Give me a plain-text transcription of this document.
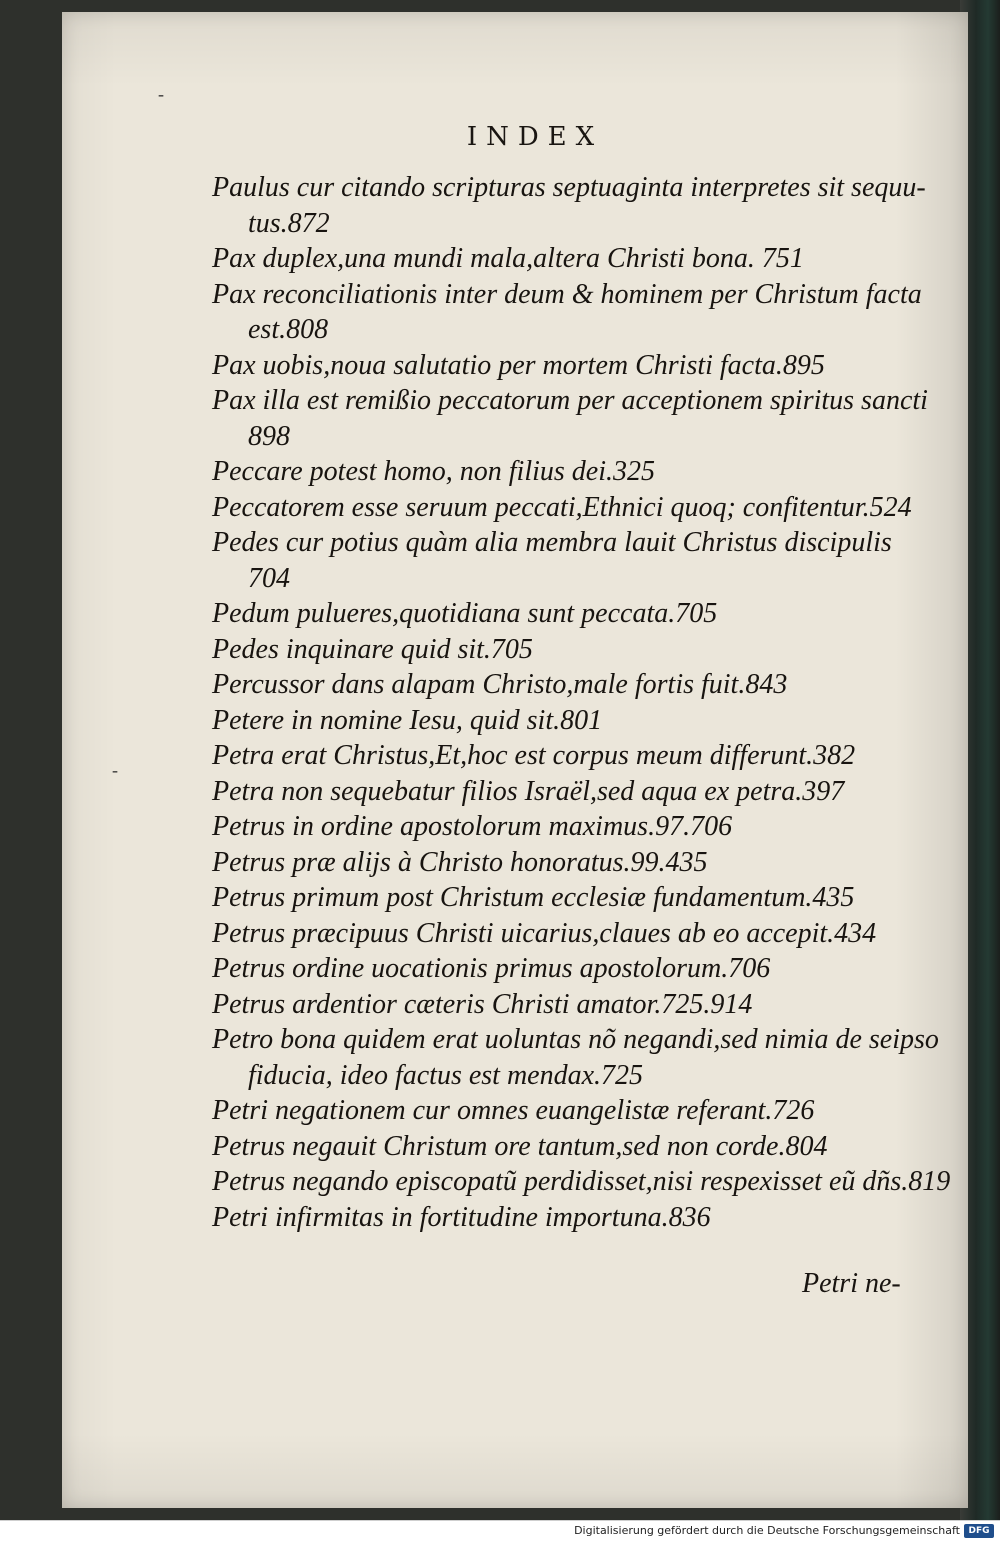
INDEX
Paulus cur citando scripturas septuaginta interpretes sit sequu-
tus.872
Pax duplex,una mundi mala,altera Christi bona. 751
Pax reconciliationis inter deum & hominem per Christum facta
est.808
Pax uobis,noua salutatio per mortem Christi facta.895
Pax illa est remißio peccatorum per acceptionem spiritus sancti
898
Peccare potest homo, non filius dei.325
Peccatorem esse seruum peccati,Ethnici quoq; confitentur.524
Pedes cur potius quàm alia membra lauit Christus discipulis
704
Pedum pulueres,quotidiana sunt peccata.705
Pedes inquinare quid sit.705
Percussor dans alapam Christo,male fortis fuit.843
Petere in nomine Iesu, quid sit.801
Petra erat Christus,Et,hoc est corpus meum differunt.382
Petra non sequebatur filios Israël,sed aqua ex petra.397
Petrus in ordine apostolorum maximus.97.706
Petrus præ alijs à Christo honoratus.99.435
Petrus primum post Christum ecclesiæ fundamentum.435
Petrus præcipuus Christi uicarius,claues ab eo accepit.434
Petrus ordine uocationis primus apostolorum.706
Petrus ardentior cæteris Christi amator.725.914
Petro bona quidem erat uoluntas nõ negandi,sed nimia de seipso
fiducia, ideo factus est mendax.725
Petri negationem cur omnes euangelistæ referant.726
Petrus negauit Christum ore tantum,sed non corde.804
Petrus negando episcopatũ perdidisset,nisi respexisset eũ dñs.819
Petri infirmitas in fortitudine importuna.836
Petri ne-
-
-
Digitalisierung gefördert durch die Deutsche Forschungsgemeinschaft DFG
